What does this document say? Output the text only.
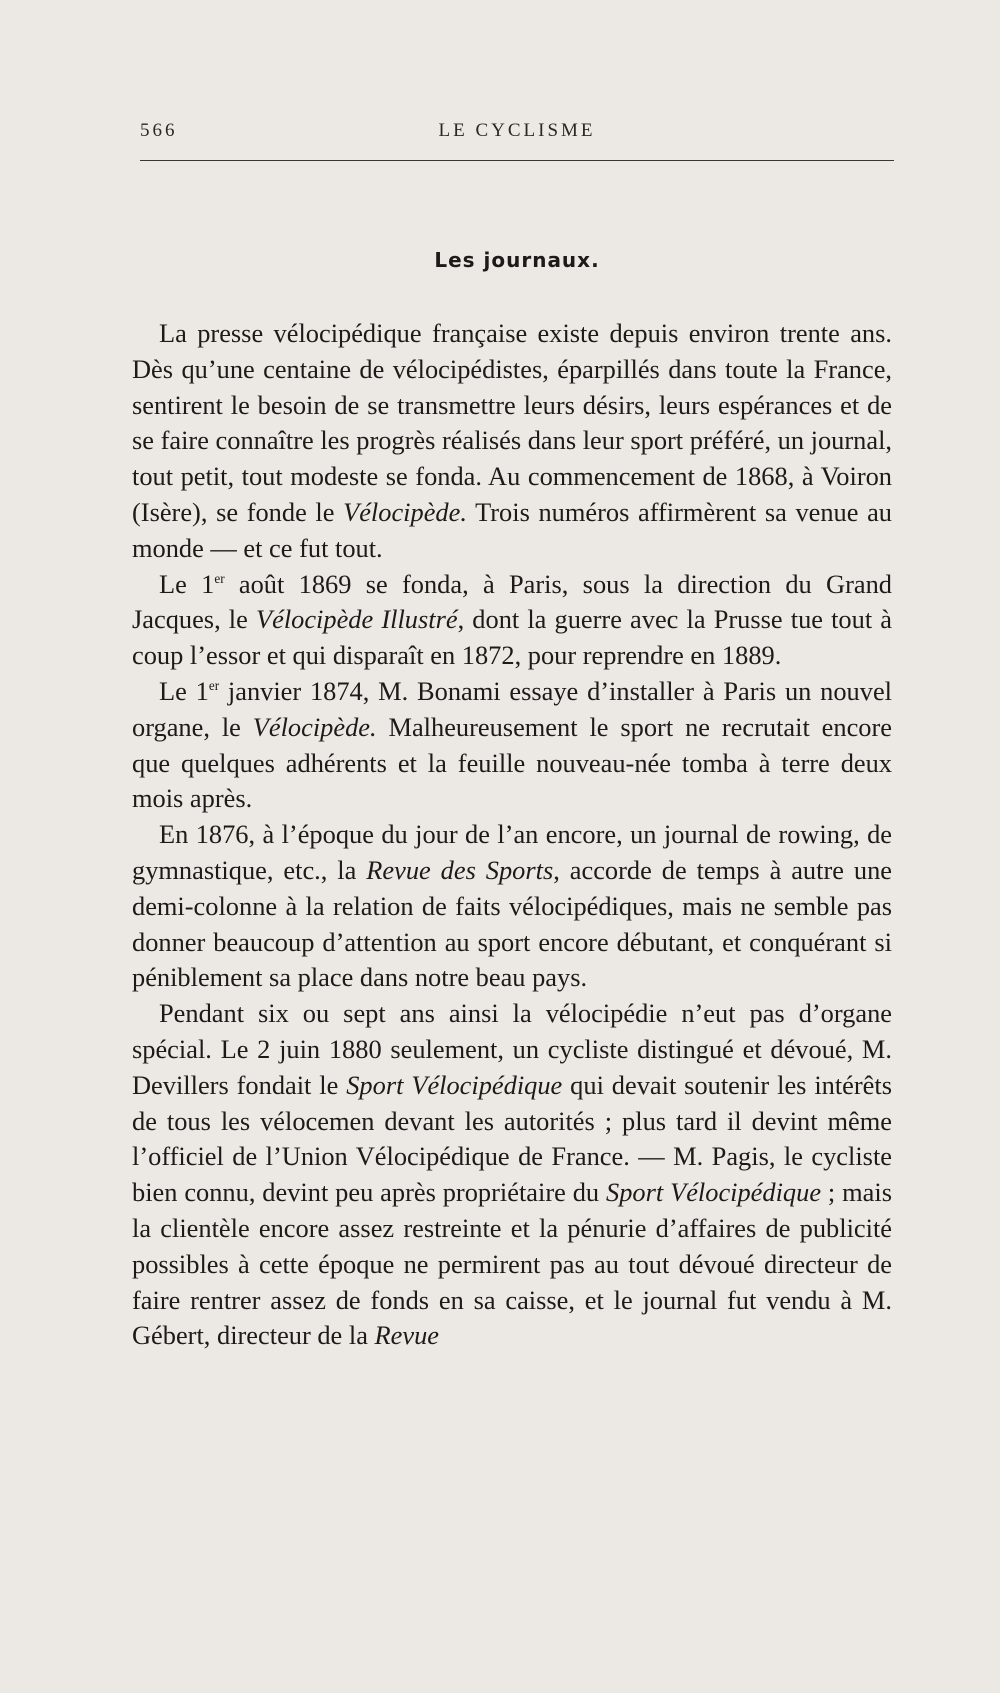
566	LE CYCLISME
Les journaux.

La presse vélocipédique française existe depuis environ trente ans. Dès qu’une centaine de vélocipédistes, éparpillés dans toute la France, sentirent le besoin de se transmettre leurs désirs, leurs espérances et de se faire connaître les progrès réalisés dans leur sport préféré, un journal, tout petit, tout modeste se fonda. Au commencement de 1868, à Voiron (Isère), se fonde le Vélocipède. Trois numéros affirmèrent sa venue au monde — et ce fut tout.

Le 1er août 1869 se fonda, à Paris, sous la direction du Grand Jacques, le Vélocipède Illustré, dont la guerre avec la Prusse tue tout à coup l’essor et qui disparaît en 1872, pour reprendre en 1889.

Le 1er janvier 1874, M. Bonami essaye d’installer à Paris un nouvel organe, le Vélocipède. Malheureusement le sport ne recrutait encore que quelques adhérents et la feuille nouveau-née tomba à terre deux mois après.

En 1876, à l’époque du jour de l’an encore, un journal de rowing, de gymnastique, etc., la Revue des Sports, accorde de temps à autre une demi-colonne à la relation de faits vélocipédiques, mais ne semble pas donner beaucoup d’attention au sport encore débutant, et conquérant si péniblement sa place dans notre beau pays.

Pendant six ou sept ans ainsi la vélocipédie n’eut pas d’organe spécial. Le 2 juin 1880 seulement, un cycliste distingué et dévoué, M. Devillers fondait le Sport Vélocipédique qui devait soutenir les intérêts de tous les vélocemen devant les autorités ; plus tard il devint même l’officiel de l’Union Vélocipédique de France. — M. Pagis, le cycliste bien connu, devint peu après propriétaire du Sport Vélocipédique ; mais la clientèle encore assez restreinte et la pénurie d’affaires de publicité possibles à cette époque ne permirent pas au tout dévoué directeur de faire rentrer assez de fonds en sa caisse, et le journal fut vendu à M. Gébert, directeur de la Revue
